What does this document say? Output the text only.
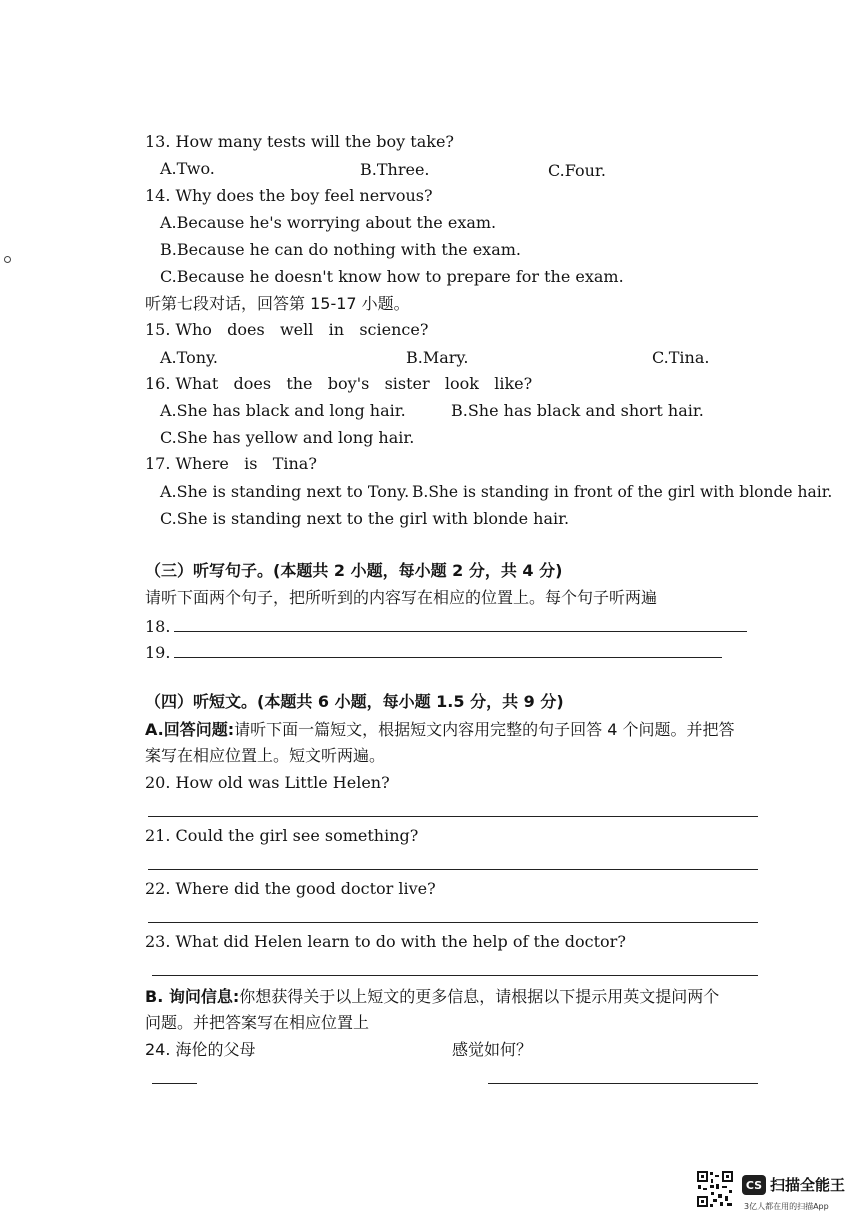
13. How many tests will the boy take?
A.Two.	B.Three.	C.Four.
14. Why does the boy feel nervous?
A.Because he's worrying about the exam.
B.Because he can do nothing with the exam.
C.Because he doesn't know how to prepare for the exam.
听第七段对话，回答第 15-17 小题。
15. Who   does   well   in   science?
A.Tony.	B.Mary.	C.Tina.
16. What   does   the   boy's   sister   look   like?
A.She has black and long hair.	B.She has black and short hair.
C.She has yellow and long hair.
17. Where   is   Tina?
A.She is standing next to Tony. B.She is standing in front of the girl with blonde hair.
C.She is standing next to the girl with blonde hair.
（三）听写句子。(本题共 2 小题，每小题 2 分，共 4 分)
请听下面两个句子，把所听到的内容写在相应的位置上。每个句子听两遍
18.
19.
（四）听短文。(本题共 6 小题，每小题 1.5 分，共 9 分)
A.回答问题:请听下面一篇短文，根据短文内容用完整的句子回答 4 个问题。并把答
案写在相应位置上。短文听两遍。
20. How old was Little Helen?
21. Could the girl see something?
22. Where did the good doctor live?
23. What did Helen learn to do with the help of the doctor?
B. 询问信息:你想获得关于以上短文的更多信息，请根据以下提示用英文提问两个
问题。并把答案写在相应位置上
24. 海伦的父母	感觉如何？
CS 扫描全能王
3亿人都在用的扫描App
